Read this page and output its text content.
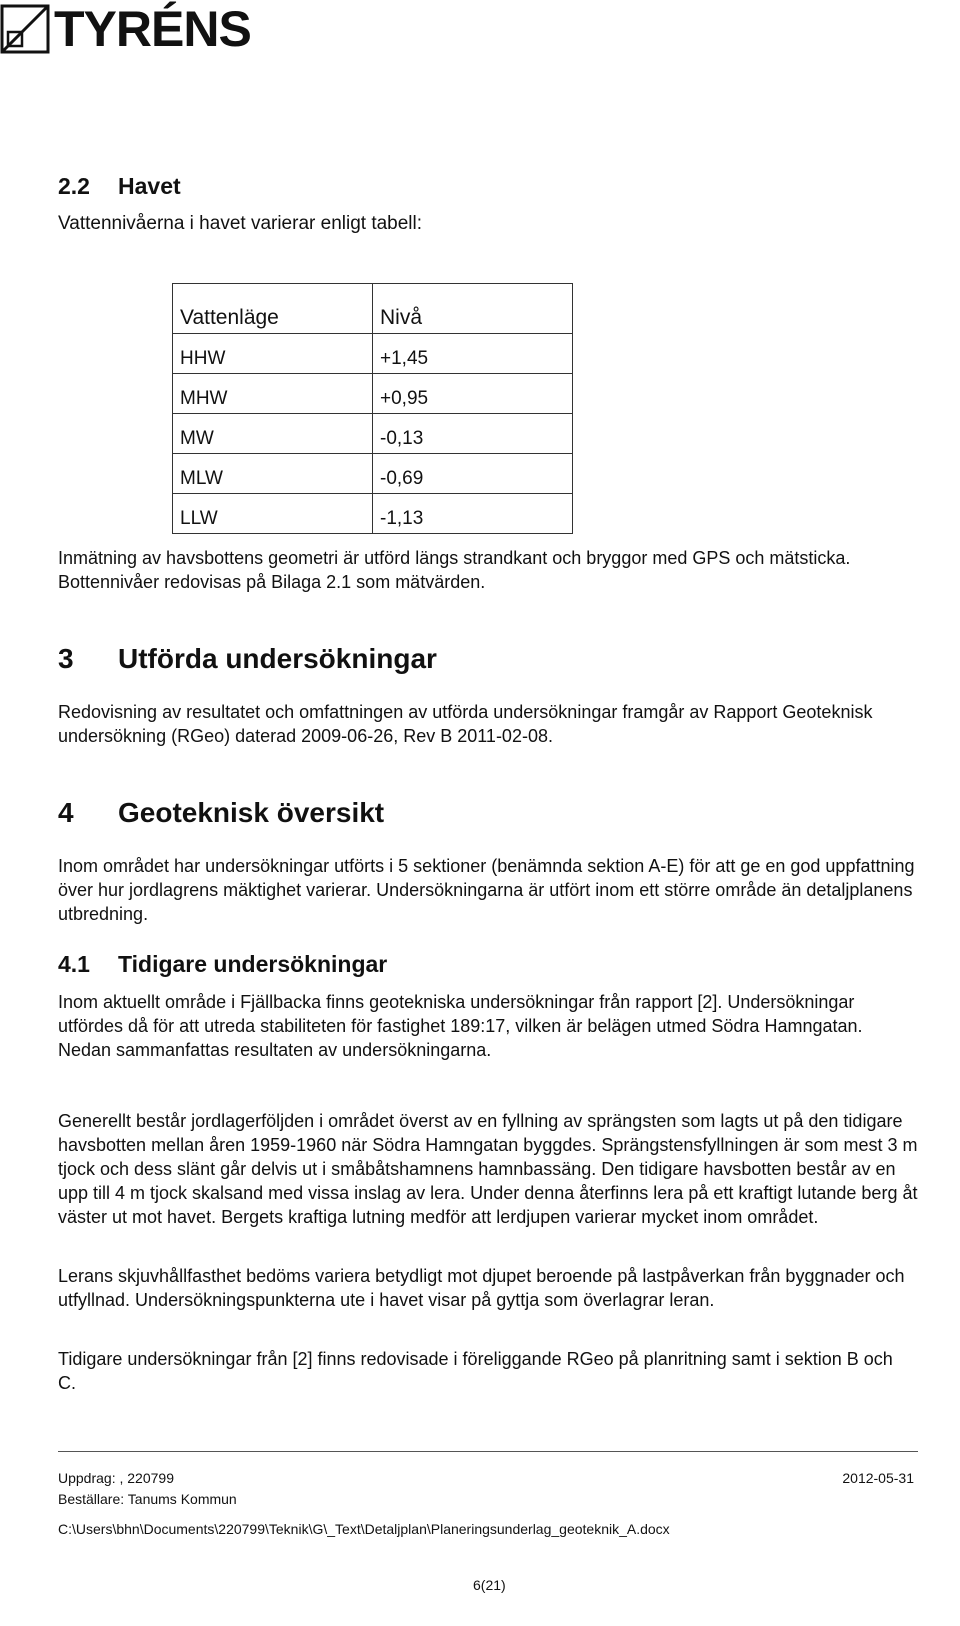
TYRÉNS
2.2 Havet
Vattennivåerna i havet varierar enligt tabell:
Vattenläge	Nivå
HHW	+1,45
MHW	+0,95
MW	-0,13
MLW	-0,69
LLW	-1,13
Inmätning av havsbottens geometri är utförd längs strandkant och bryggor med GPS och mätsticka. Bottennivåer redovisas på Bilaga 2.1 som mätvärden.
3 Utförda undersökningar
Redovisning av resultatet och omfattningen av utförda undersökningar framgår av Rapport Geoteknisk undersökning (RGeo) daterad 2009-06-26, Rev B 2011-02-08.
4 Geoteknisk översikt
Inom området har undersökningar utförts i 5 sektioner (benämnda sektion A-E) för att ge en god uppfattning över hur jordlagrens mäktighet varierar. Undersökningarna är utfört inom ett större område än detaljplanens utbredning.
4.1 Tidigare undersökningar
Inom aktuellt område i Fjällbacka finns geotekniska undersökningar från rapport [2]. Undersökningar utfördes då för att utreda stabiliteten för fastighet 189:17, vilken är belägen utmed Södra Hamngatan. Nedan sammanfattas resultaten av undersökningarna.
Generellt består jordlagerföljden i området överst av en fyllning av sprängsten som lagts ut på den tidigare havsbotten mellan åren 1959-1960 när Södra Hamngatan byggdes. Sprängstensfyllningen är som mest 3 m tjock och dess slänt går delvis ut i småbåtshamnens hamnbassäng. Den tidigare havsbotten består av en upp till 4 m tjock skalsand med vissa inslag av lera. Under denna återfinns lera på ett kraftigt lutande berg åt väster ut mot havet. Bergets kraftiga lutning medför att lerdjupen varierar mycket inom området.
Lerans skjuvhållfasthet bedöms variera betydligt mot djupet beroende på lastpåverkan från byggnader och utfyllnad. Undersökningspunkterna ute i havet visar på gyttja som överlagrar leran.
Tidigare undersökningar från [2] finns redovisade i föreliggande RGeo på planritning samt i sektion B och C.
Uppdrag: , 220799	2012-05-31
Beställare: Tanums Kommun
C:\Users\bhn\Documents\220799\Teknik\G\_Text\Detaljplan\Planeringsunderlag_geoteknik_A.docx
6(21)
